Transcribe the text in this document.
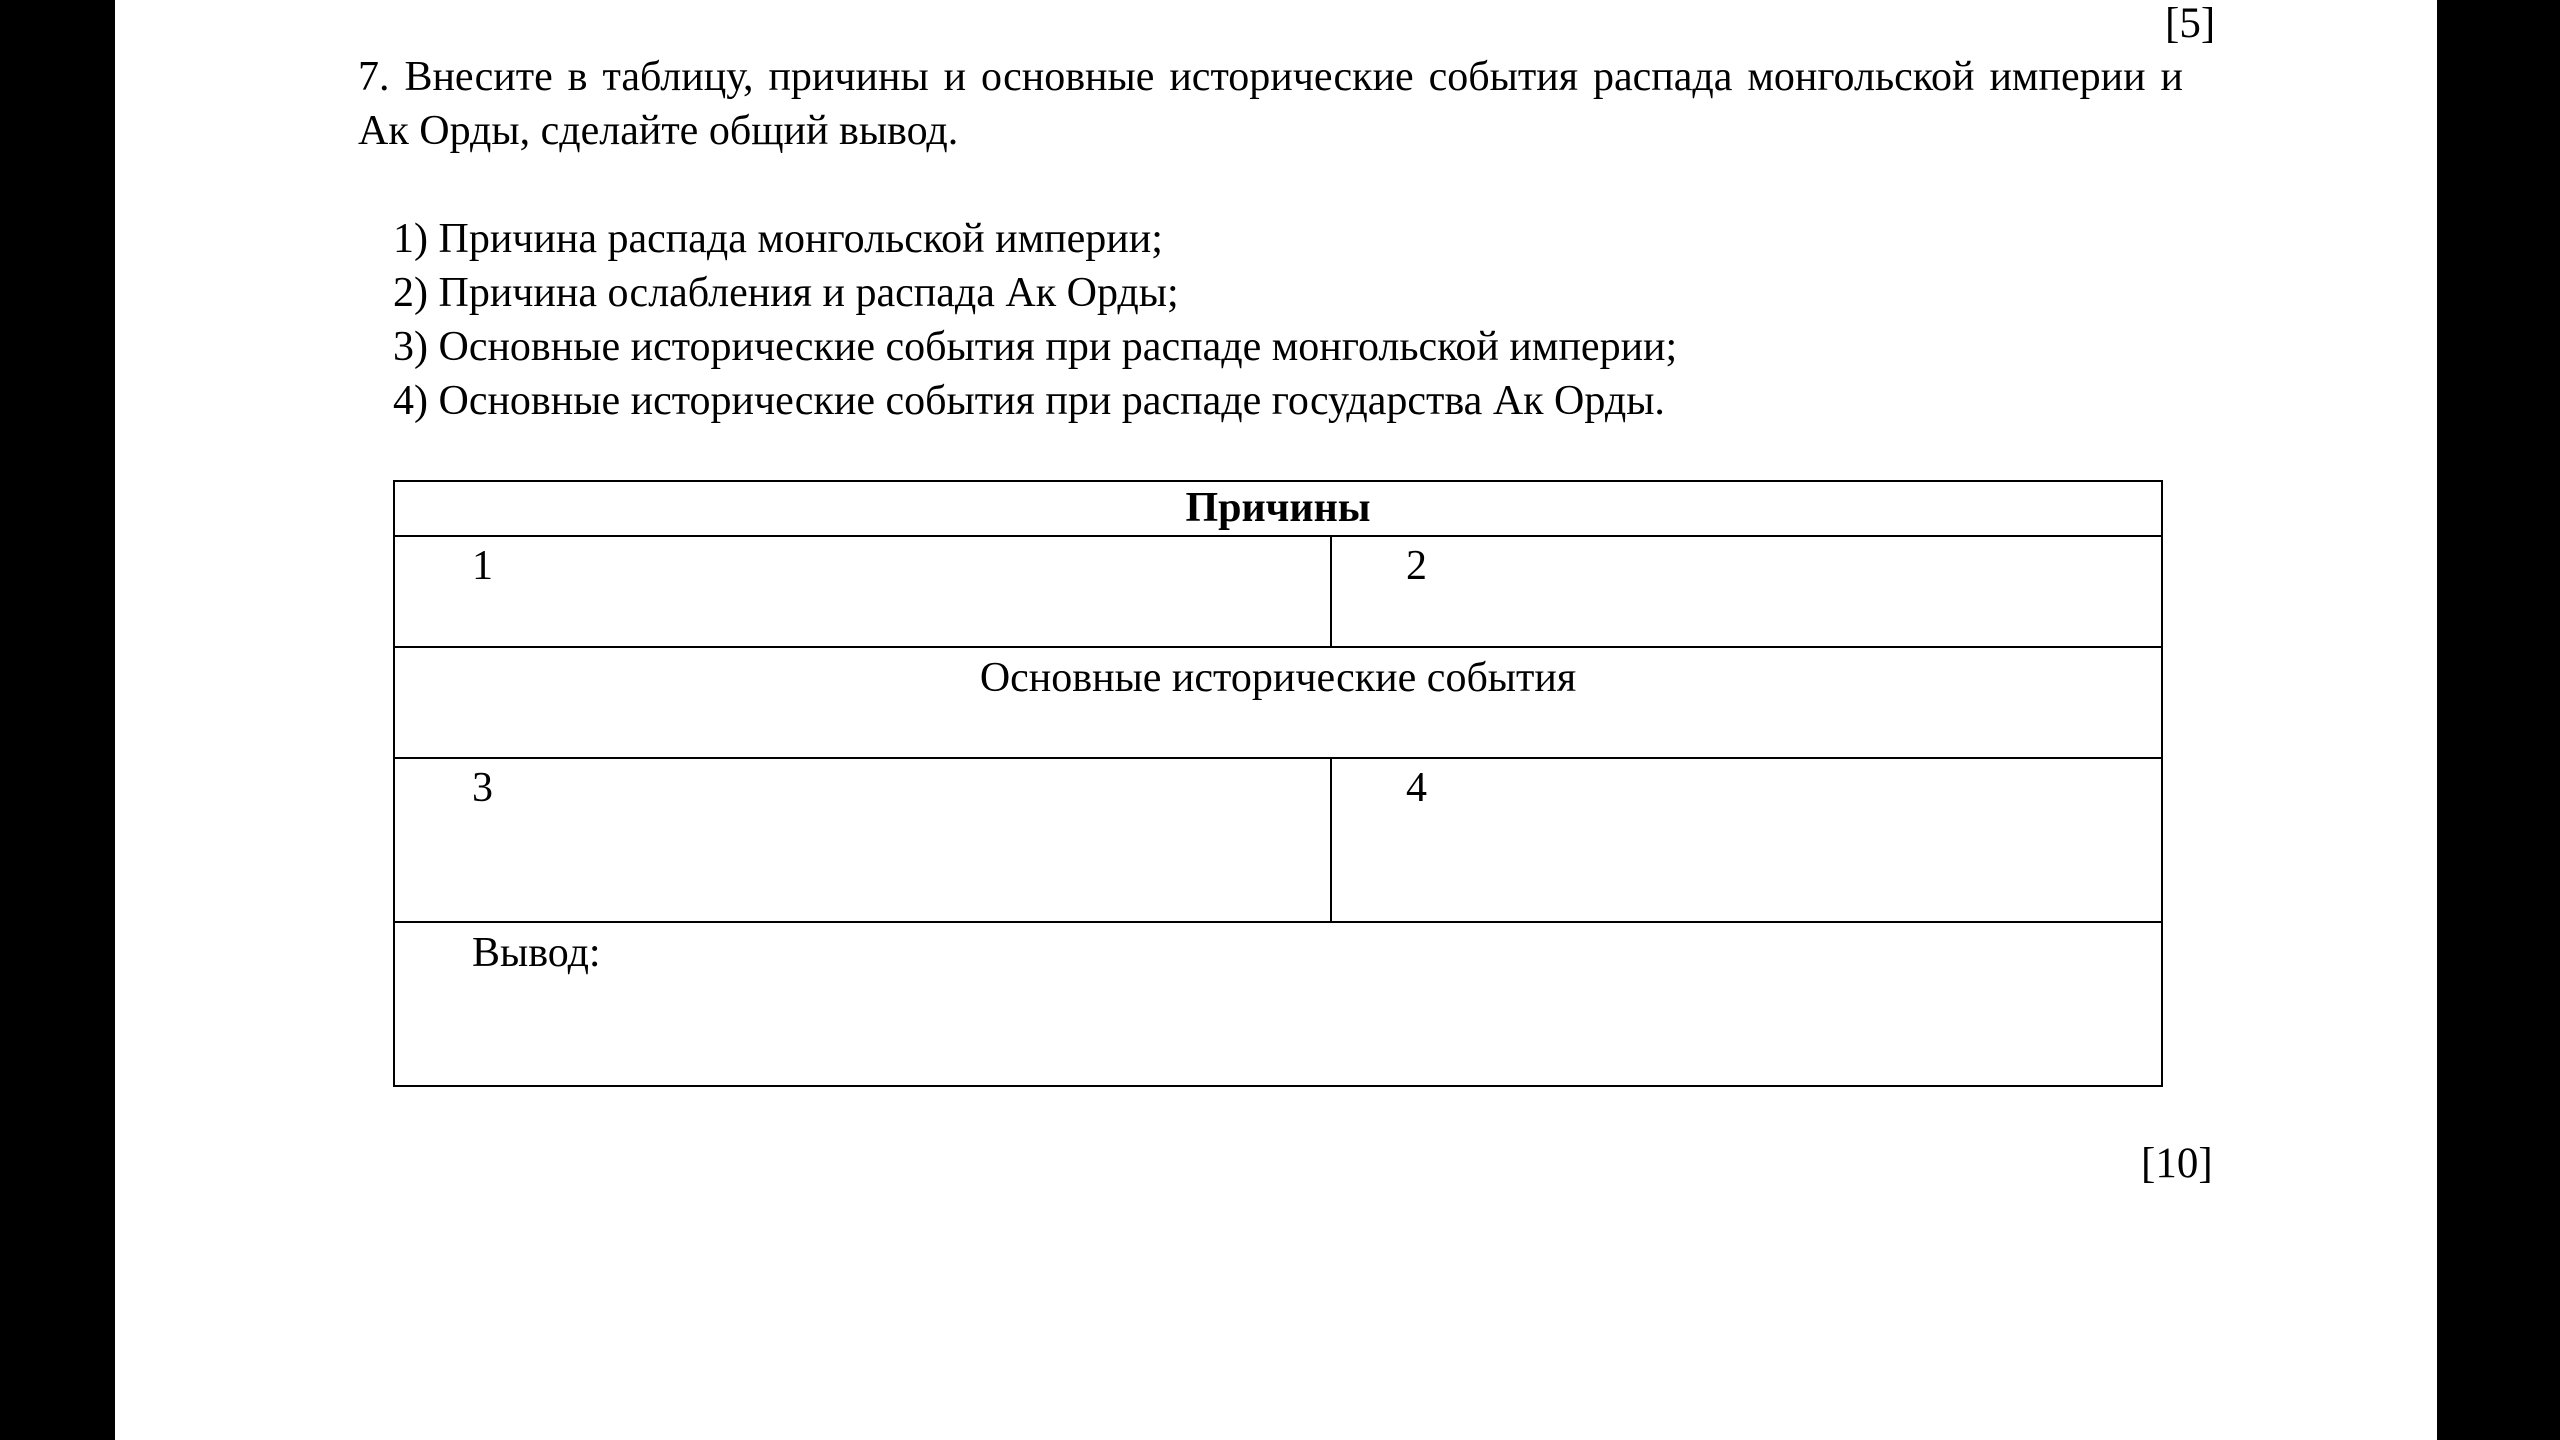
[5]
7. Внесите в таблицу, причины и основные исторические события распада монгольской империи и Ак Орды, сделайте общий вывод.
1) Причина распада монгольской империи;
2) Причина ослабления и распада Ак Орды;
3) Основные исторические события при распаде монгольской империи;
4) Основные исторические события при распаде государства Ак Орды.
Причины	
1	2
Основные исторические события	
3	4
Вывод:	
[10]
